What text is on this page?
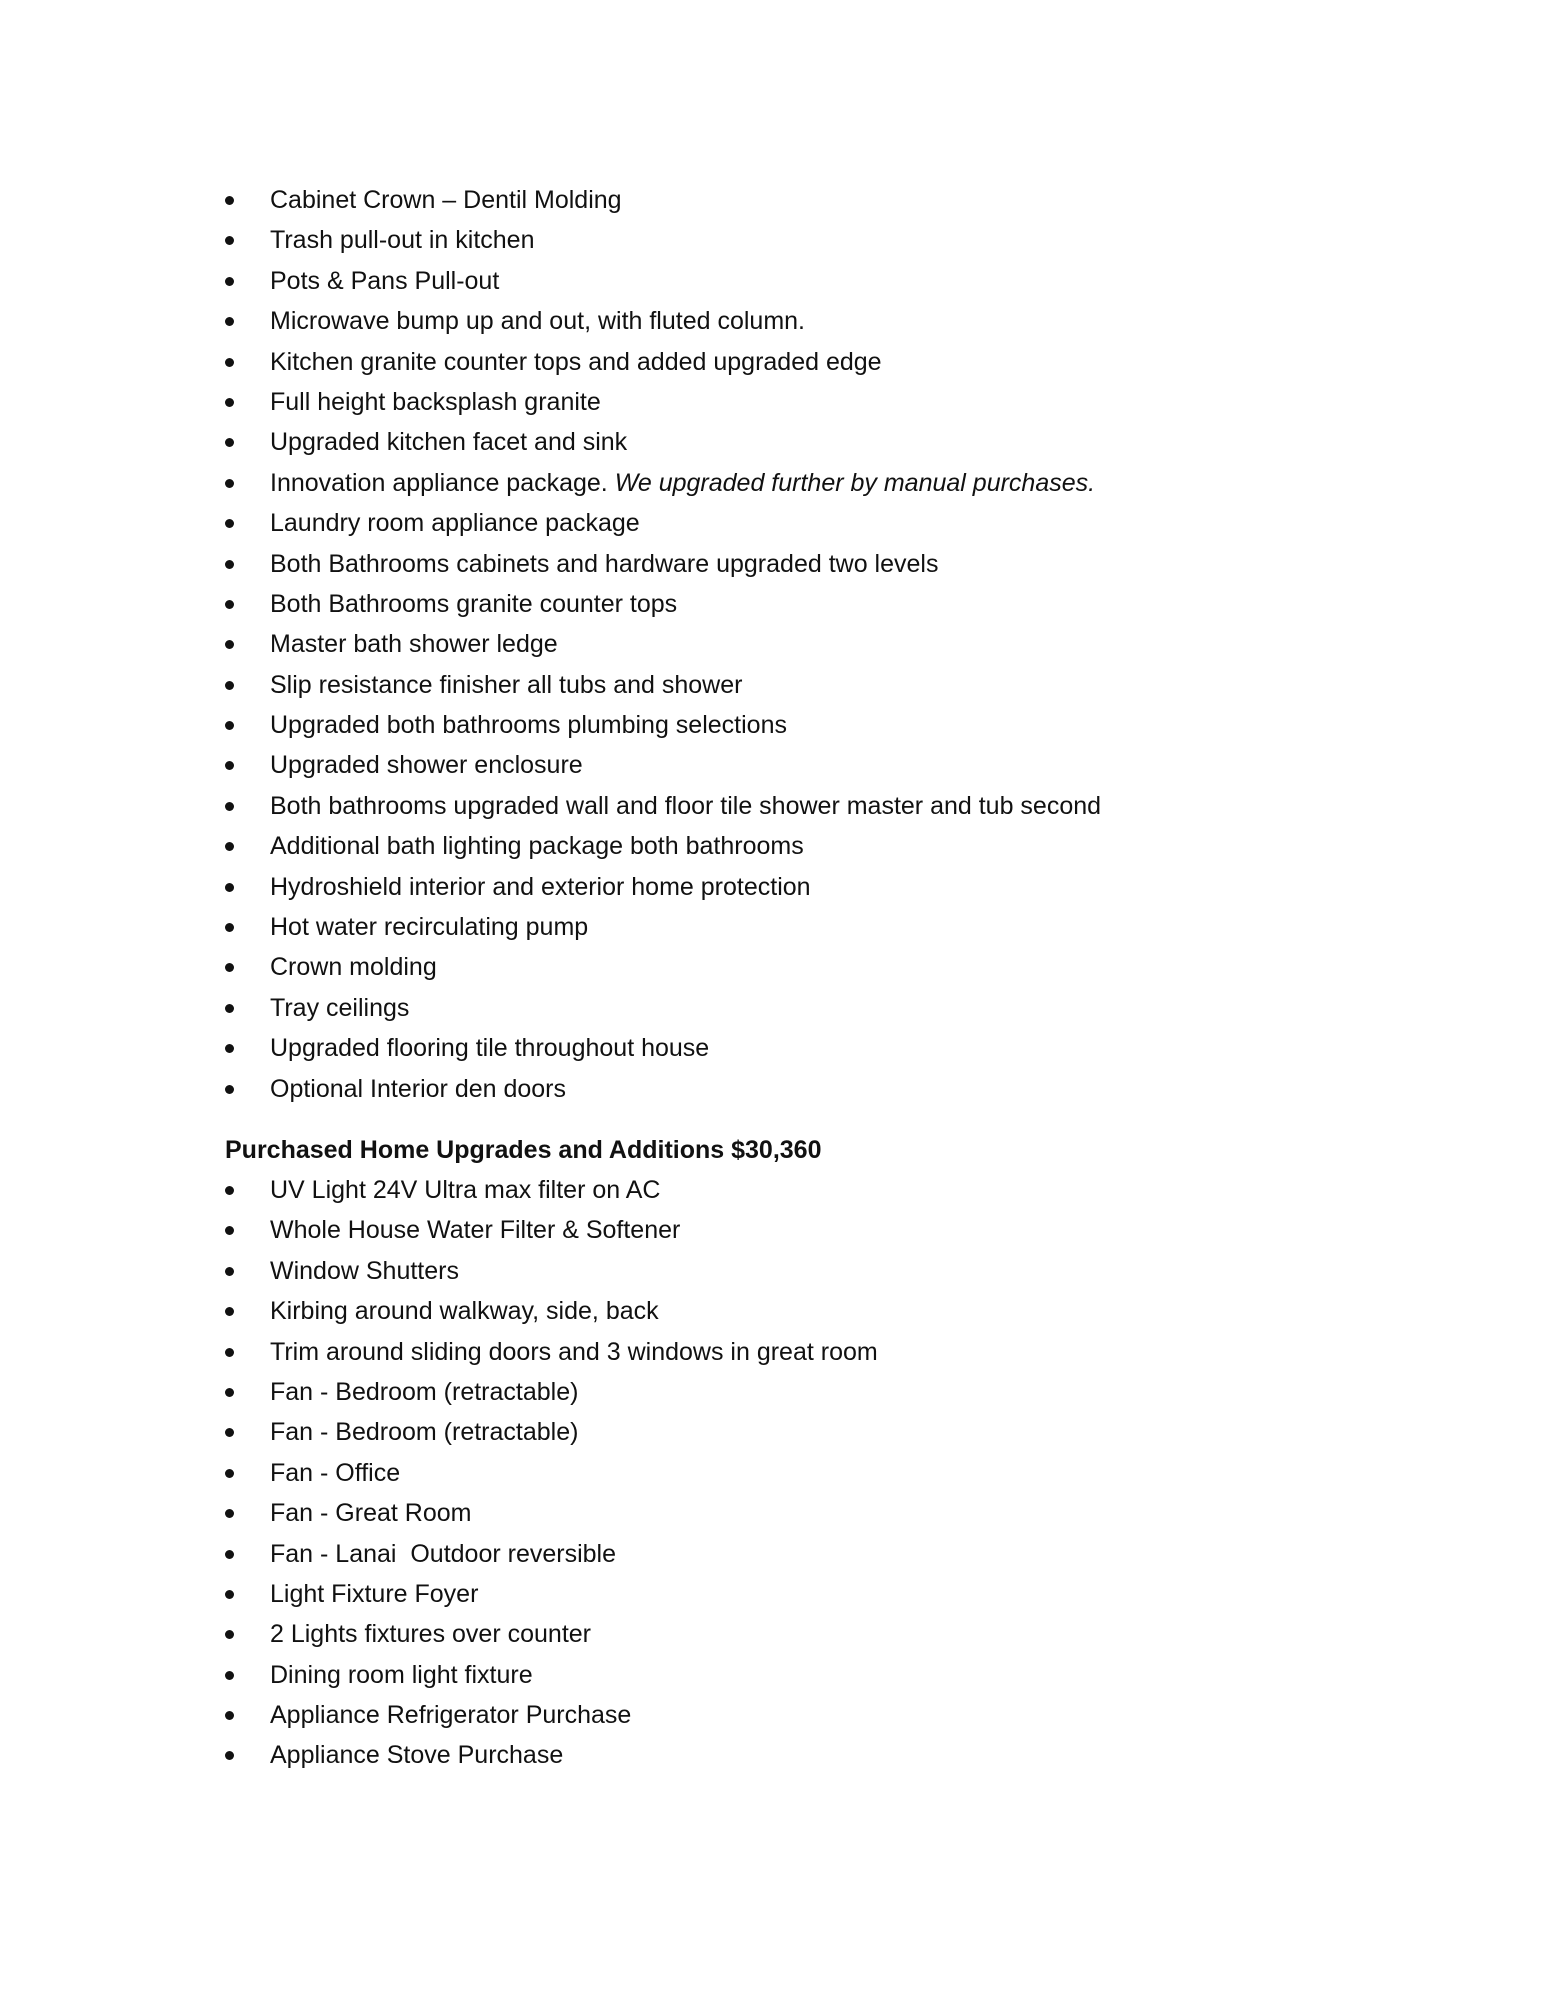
Cabinet Crown – Dentil Molding
Trash pull-out in kitchen
Pots & Pans Pull-out
Microwave bump up and out, with fluted column.
Kitchen granite counter tops and added upgraded edge
Full height backsplash granite
Upgraded kitchen facet and sink
Innovation appliance package. We upgraded further by manual purchases.
Laundry room appliance package
Both Bathrooms cabinets and hardware upgraded two levels
Both Bathrooms granite counter tops
Master bath shower ledge
Slip resistance finisher all tubs and shower
Upgraded both bathrooms plumbing selections
Upgraded shower enclosure
Both bathrooms upgraded wall and floor tile shower master and tub second
Additional bath lighting package both bathrooms
Hydroshield interior and exterior home protection
Hot water recirculating pump
Crown molding
Tray ceilings
Upgraded flooring tile throughout house
Optional Interior den doors
Purchased Home Upgrades and Additions $30,360
UV Light 24V Ultra max filter on AC
Whole House Water Filter & Softener
Window Shutters
Kirbing around walkway, side, back
Trim around sliding doors and 3 windows in great room
Fan - Bedroom (retractable)
Fan - Bedroom (retractable)
Fan - Office
Fan - Great Room
Fan - Lanai  Outdoor reversible
Light Fixture Foyer
2 Lights fixtures over counter
Dining room light fixture
Appliance Refrigerator Purchase
Appliance Stove Purchase
